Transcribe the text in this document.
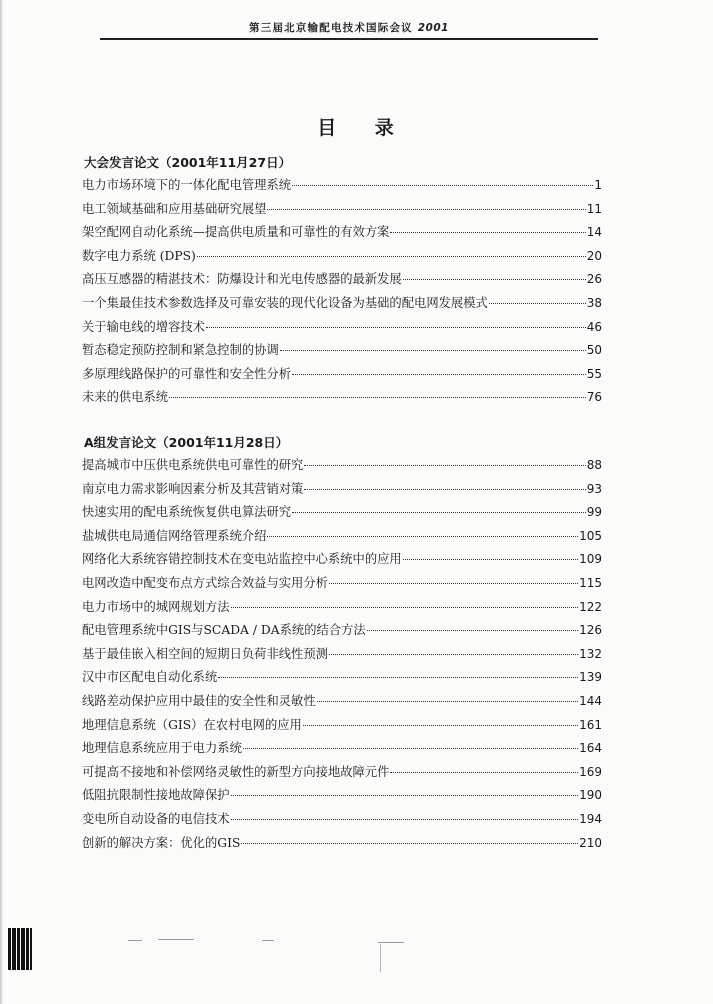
第三届北京输配电技术国际会议 2001
目 录
大会发言论文（2001年11月27日）
电力市场环境下的一体化配电管理系统	1
电工领域基础和应用基础研究展望	11
架空配网自动化系统—提高供电质量和可靠性的有效方案	14
数字电力系统 (DPS)	20
高压互感器的精湛技术：防爆设计和光电传感器的最新发展	26
一个集最佳技术参数选择及可靠安装的现代化设备为基础的配电网发展模式	38
关于输电线的增容技术	46
暂态稳定预防控制和紧急控制的协调	50
多原理线路保护的可靠性和安全性分析	55
未来的供电系统	76
A组发言论文（2001年11月28日）
提高城市中压供电系统供电可靠性的研究	88
南京电力需求影响因素分析及其营销对策	93
快速实用的配电系统恢复供电算法研究	99
盐城供电局通信网络管理系统介绍	105
网络化大系统容错控制技术在变电站监控中心系统中的应用	109
电网改造中配变布点方式综合效益与实用分析	115
电力市场中的城网规划方法	122
配电管理系统中GIS与SCADA / DA系统的结合方法	126
基于最佳嵌入相空间的短期日负荷非线性预测	132
汉中市区配电自动化系统	139
线路差动保护应用中最佳的安全性和灵敏性	144
地理信息系统（GIS）在农村电网的应用	161
地理信息系统应用于电力系统	164
可提高不接地和补偿网络灵敏性的新型方向接地故障元件	169
低阻抗限制性接地故障保护	190
变电所自动设备的电信技术	194
创新的解决方案：优化的GIS	210
